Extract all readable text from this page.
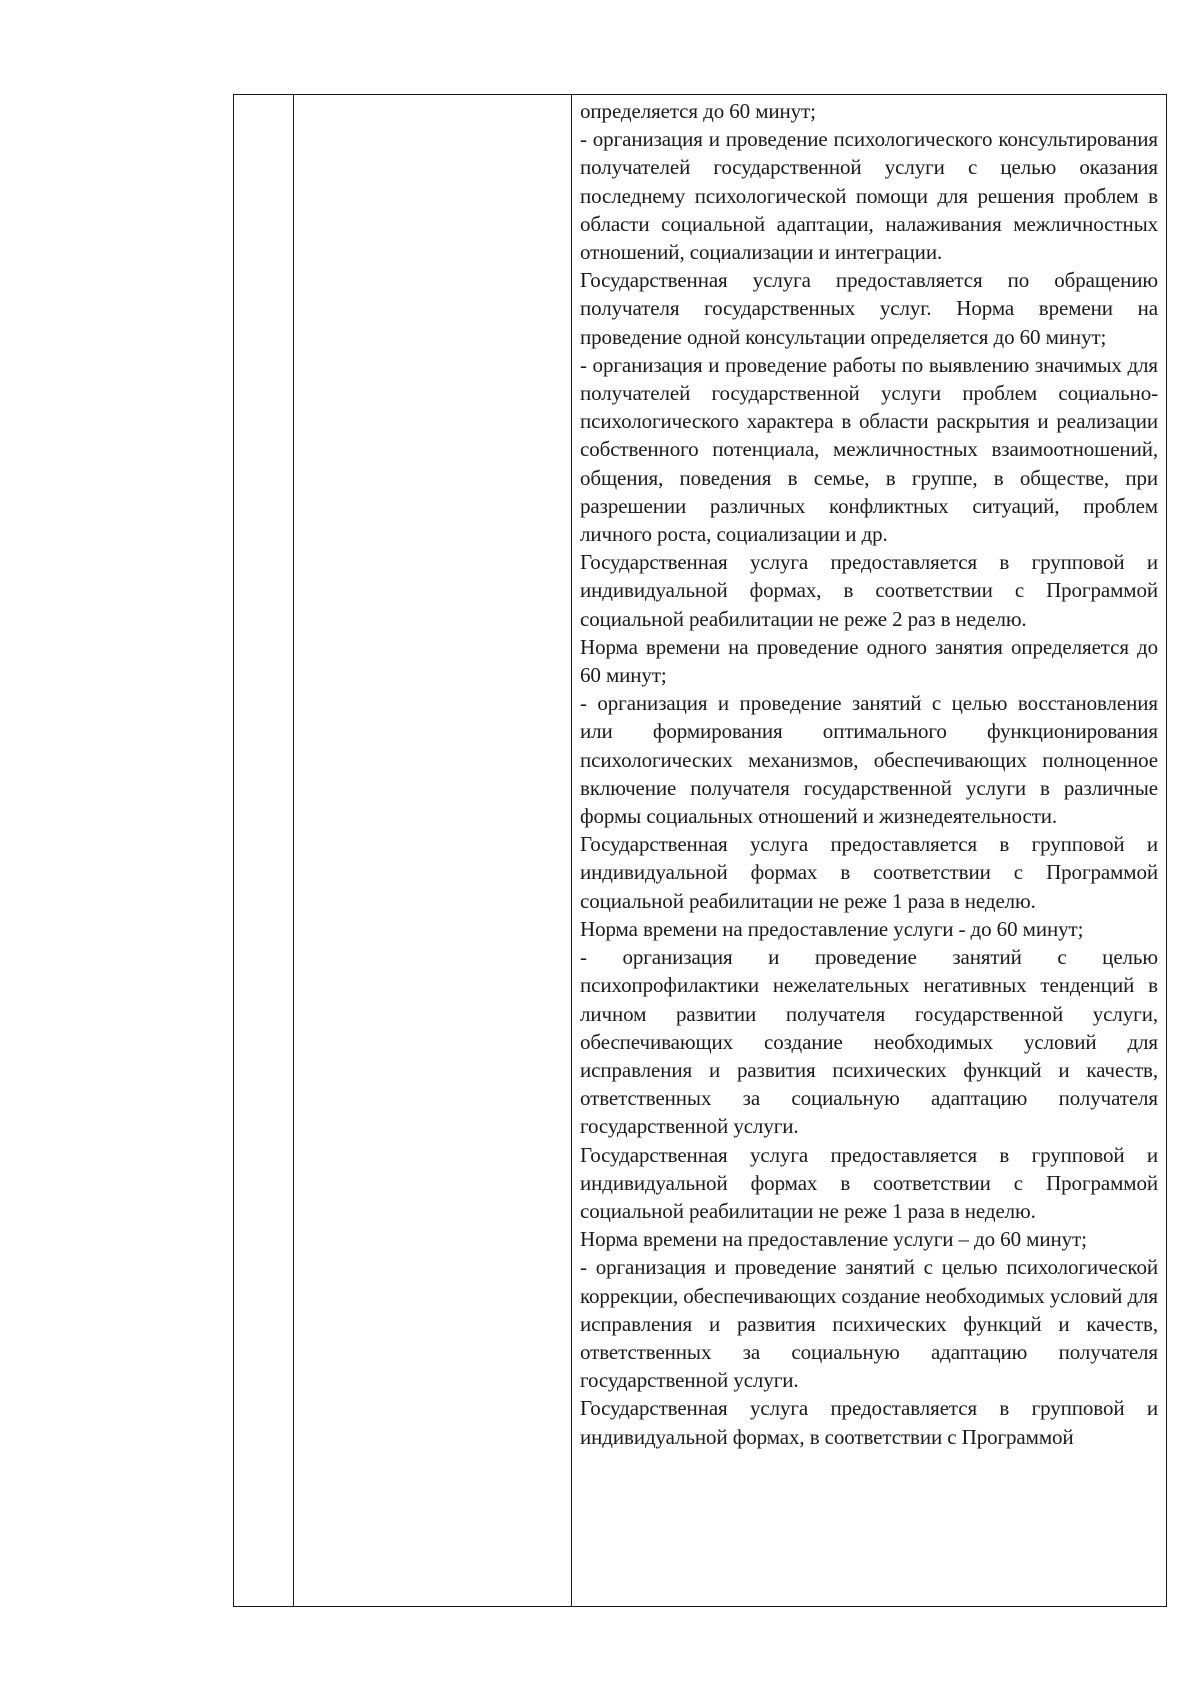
определяется до 60 минут;

- организация и проведение психологического консультирования получателей государственной услуги с целью оказания последнему психологической помощи для решения проблем в области социальной адаптации, налаживания межличностных отношений, социализации и интеграции.

Государственная услуга предоставляется по обращению получателя государственных услуг. Норма времени на проведение одной консультации определяется до 60 минут;

- организация и проведение работы по выявлению значимых для получателей государственной услуги проблем социально-психологического характера в области раскрытия и реализации собственного потенциала, межличностных взаимоотношений, общения, поведения в семье, в группе, в обществе, при разрешении различных конфликтных ситуаций, проблем личного роста, социализации и др.

Государственная услуга предоставляется в групповой и индивидуальной формах, в соответствии с Программой социальной реабилитации не реже 2 раз в неделю.

Норма времени на проведение одного занятия определяется до 60 минут;

- организация и проведение занятий с целью восстановления или формирования оптимального функционирования психологических механизмов, обеспечивающих полноценное включение получателя государственной услуги в различные формы социальных отношений и жизнедеятельности.

Государственная услуга предоставляется в групповой и индивидуальной формах в соответствии с Программой социальной реабилитации не реже 1 раза в неделю.

Норма времени на предоставление услуги - до 60 минут;

- организация и проведение занятий с целью психопрофилактики нежелательных негативных тенденций в личном развитии получателя государственной услуги, обеспечивающих создание необходимых условий для исправления и развития психических функций и качеств, ответственных за социальную адаптацию получателя государственной услуги.

Государственная услуга предоставляется в групповой и индивидуальной формах в соответствии с Программой социальной реабилитации не реже 1 раза в неделю.

Норма времени на предоставление услуги – до 60 минут;

- организация и проведение занятий с целью психологической коррекции, обеспечивающих создание необходимых условий для исправления и развития психических функций и качеств, ответственных за социальную адаптацию получателя государственной услуги.

Государственная услуга предоставляется в групповой и индивидуальной формах, в соответствии с Программой
